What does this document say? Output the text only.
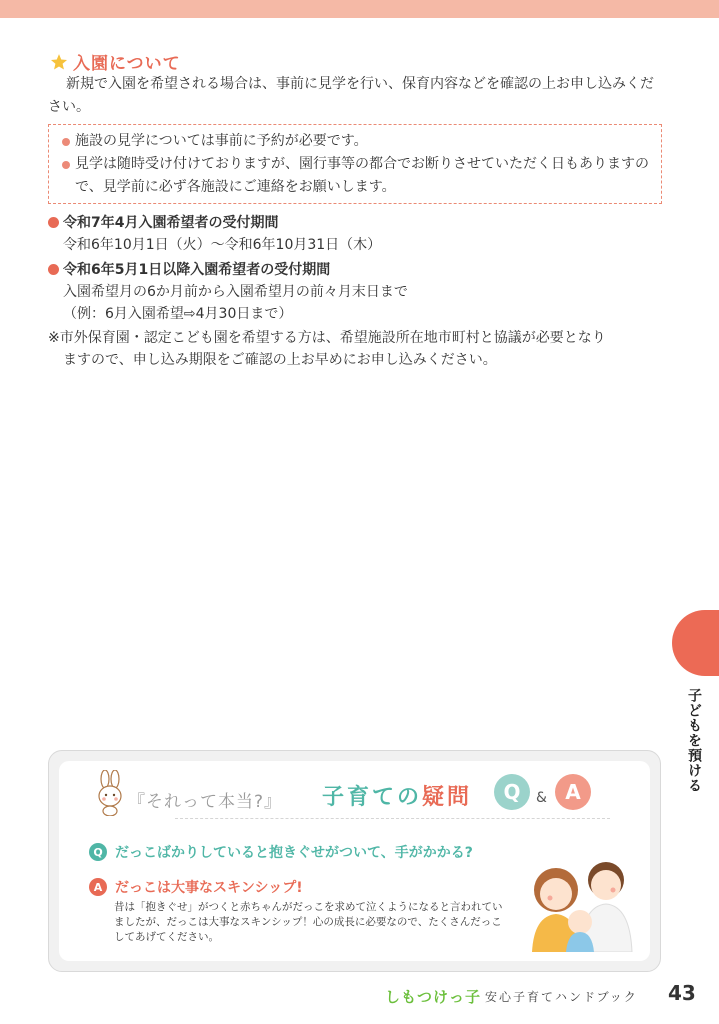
入園について

新規で入園を希望される場合は、事前に見学を行い、保育内容などを確認の上お申し込みください。

施設の見学については事前に予約が必要です。
見学は随時受け付けておりますが、園行事等の都合でお断りさせていただく日もありますので、見学前に必ず各施設にご連絡をお願いします。
令和7年4月入園希望者の受付期間
令和6年10月1日（火）～令和6年10月31日（木）
令和6年5月1日以降入園希望者の受付期間
入園希望月の6か月前から入園希望月の前々月末日まで
（例：6月入園希望⇨4月30日まで）
※市外保育園・認定こども園を希望する方は、希望施設所在地市町村と協議が必要となり
ますので、申し込み期限をご確認の上お早めにお申し込みください。
子どもを預ける
『それって本当?』 子育ての疑問	Q	& A
Q だっこばかりしていると抱きぐせがついて、手がかかる?
A だっこは大事なスキンシップ!
昔は「抱きぐせ」がつくと赤ちゃんがだっこを求めて泣くようになると言われていましたが、だっこは大事なスキンシップ！心の成長に必要なので、たくさんだっこしてあげてください。
しもつけっ子 安心子育てハンドブック 43
